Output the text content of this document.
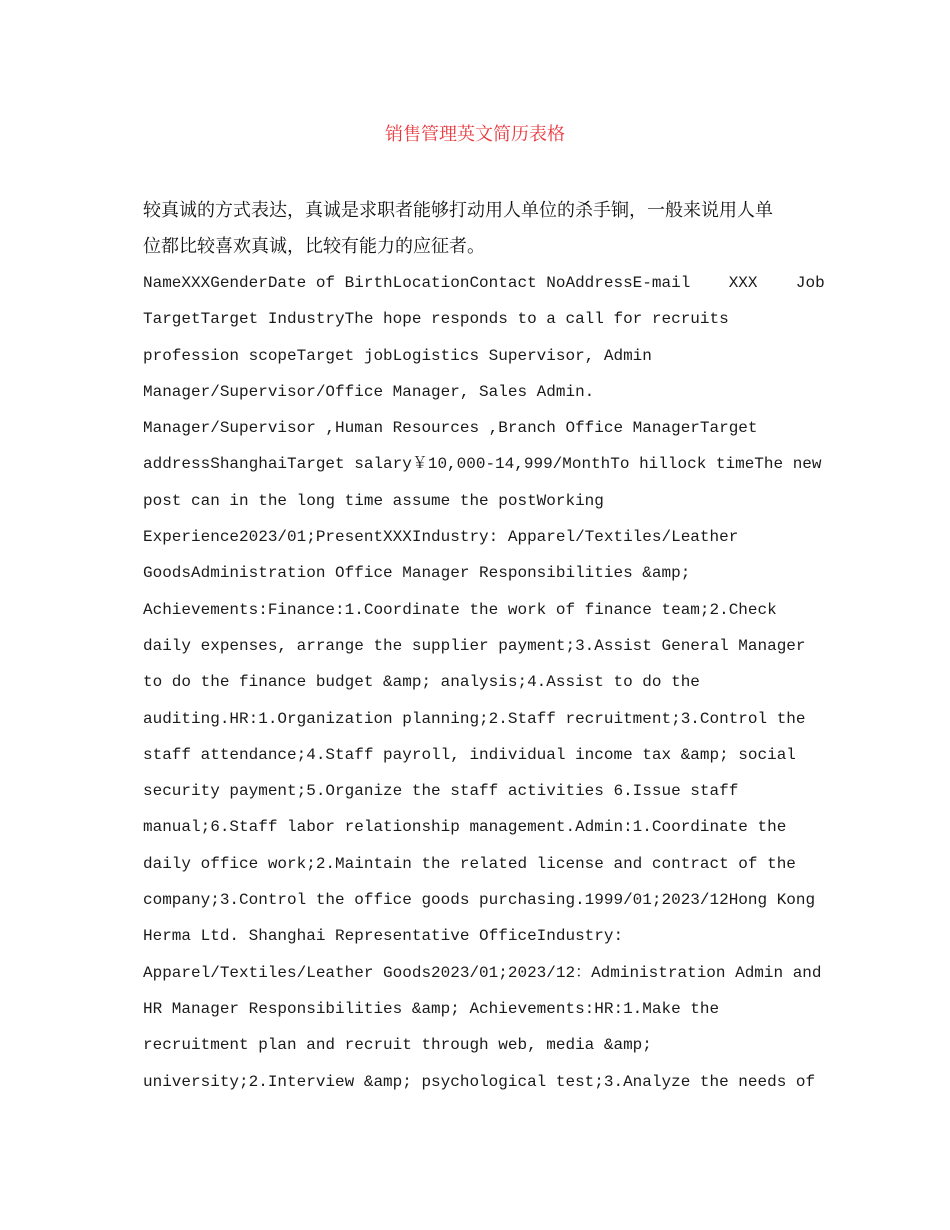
销售管理英文简历表格
较真诚的方式表达，真诚是求职者能够打动用人单位的杀手锏，一般来说用人单
位都比较喜欢真诚，比较有能力的应征者。
NameXXXGenderDate of BirthLocationContact NoAddressE-mail    XXX    Job
TargetTarget IndustryThe hope responds to a call for recruits
profession scopeTarget jobLogistics Supervisor, Admin
Manager/Supervisor/Office Manager, Sales Admin.
Manager/Supervisor ,Human Resources ,Branch Office ManagerTarget
addressShanghaiTarget salary￥10,000-14,999/MonthTo hillock timeThe new
post can in the long time assume the postWorking
Experience2023/01;PresentXXXIndustry: Apparel/Textiles/Leather
GoodsAdministration Office Manager Responsibilities &amp;
Achievements:Finance:1.Coordinate the work of finance team;2.Check
daily expenses, arrange the supplier payment;3.Assist General Manager
to do the finance budget &amp; analysis;4.Assist to do the
auditing.HR:1.Organization planning;2.Staff recruitment;3.Control the
staff attendance;4.Staff payroll, individual income tax &amp; social
security payment;5.Organize the staff activities 6.Issue staff
manual;6.Staff labor relationship management.Admin:1.Coordinate the
daily office work;2.Maintain the related license and contract of the
company;3.Control the office goods purchasing.1999/01;2023/12Hong Kong
Herma Ltd. Shanghai Representative OfficeIndustry:
Apparel/Textiles/Leather Goods2023/01;2023/12：Administration Admin and
HR Manager Responsibilities &amp; Achievements:HR:1.Make the
recruitment plan and recruit through web, media &amp;
university;2.Interview &amp; psychological test;3.Analyze the needs of
